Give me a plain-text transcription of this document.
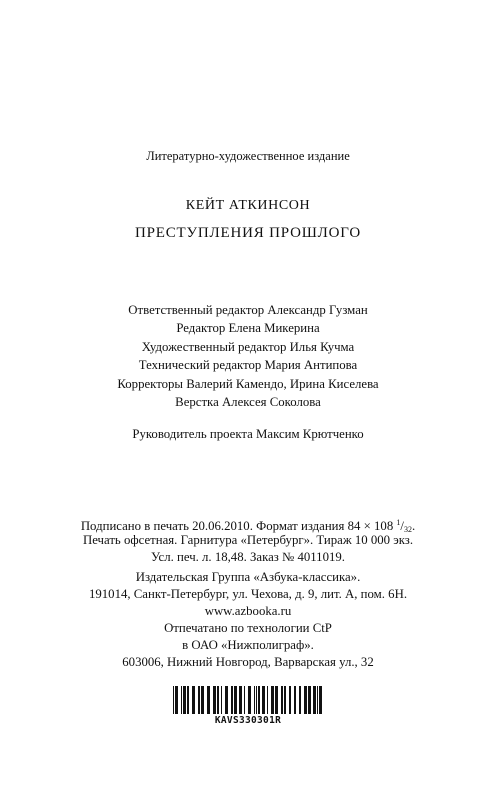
Литературно-художественное издание
КЕЙТ АТКИНСОН
ПРЕСТУПЛЕНИЯ ПРОШЛОГО
Ответственный редактор Александр Гузман
Редактор Елена Микерина
Художественный редактор Илья Кучма
Технический редактор Мария Антипова
Корректоры Валерий Камендо, Ирина Киселева
Верстка Алексея Соколова
Руководитель проекта Максим Крютченко
Подписано в печать 20.06.2010. Формат издания 84 × 108 $^1/_{32}$.
Печать офсетная. Гарнитура «Петербург». Тираж 10 000 экз.
Усл. печ. л. 18,48. Заказ № 4011019.
Издательская Группа «Азбука-классика».
191014, Санкт-Петербург, ул. Чехова, д. 9, лит. А, пом. 6Н.
www.azbooka.ru
Отпечатано по технологии CtP
в ОАО «Нижполиграф».
603006, Нижний Новгород, Варварская ул., 32
KAVS330301R
